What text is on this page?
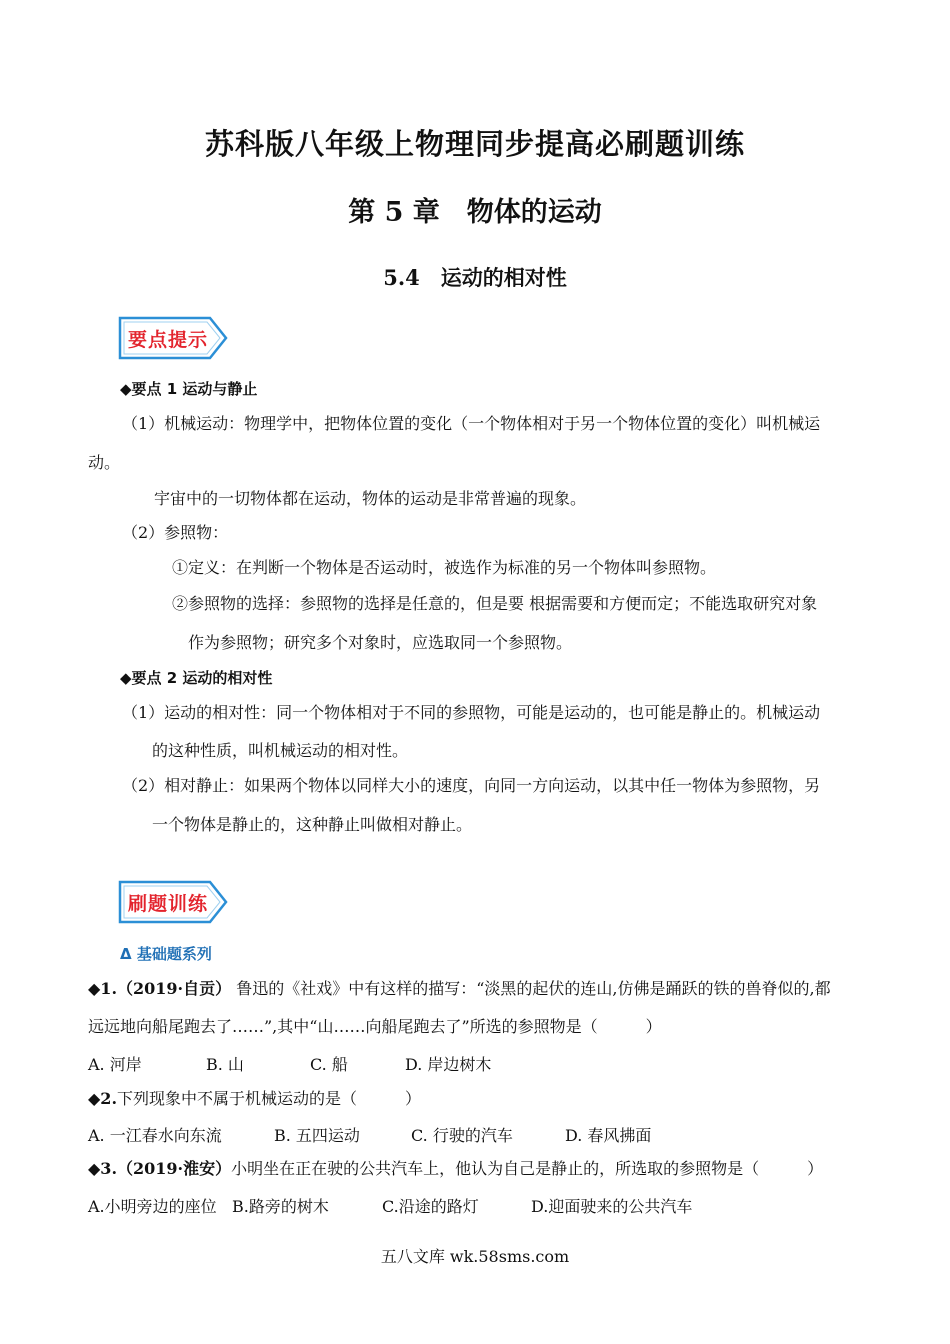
苏科版八年级上物理同步提高必刷题训练
第 5 章　物体的运动
5.4　运动的相对性
要点提示
◆要点 1 运动与静止
（1）机械运动：物理学中，把物体位置的变化（一个物体相对于另一个物体位置的变化）叫机械运
动。
宇宙中的一切物体都在运动，物体的运动是非常普遍的现象。
（2）参照物：
①定义：在判断一个物体是否运动时，被选作为标准的另一个物体叫参照物。
②参照物的选择：参照物的选择是任意的，但是要 根据需要和方便而定；不能选取研究对象
作为参照物；研究多个对象时，应选取同一个参照物。
◆要点 2 运动的相对性
（1）运动的相对性：同一个物体相对于不同的参照物，可能是运动的，也可能是静止的。机械运动
的这种性质，叫机械运动的相对性。
（2）相对静止：如果两个物体以同样大小的速度，向同一方向运动，以其中任一物体为参照物，另
一个物体是静止的，这种静止叫做相对静止。
刷题训练
Δ 基础题系列
◆1.（2019·自贡） 鲁迅的《社戏》中有这样的描写：“淡黑的起伏的连山,仿佛是踊跃的铁的兽脊似的,都
远远地向船尾跑去了……”,其中“山……向船尾跑去了”所选的参照物是（　　　）
A. 河岸	B. 山	C. 船	D. 岸边树木
◆2.下列现象中不属于机械运动的是（　　　）
A. 一江春水向东流	B. 五四运动	C. 行驶的汽车	D. 春风拂面
◆3.（2019·淮安）小明坐在正在驶的公共汽车上，他认为自己是静止的，所选取的参照物是（　　　）
A.小明旁边的座位 B.路旁的树木	C.沿途的路灯	D.迎面驶来的公共汽车
五八文库 wk.58sms.com
